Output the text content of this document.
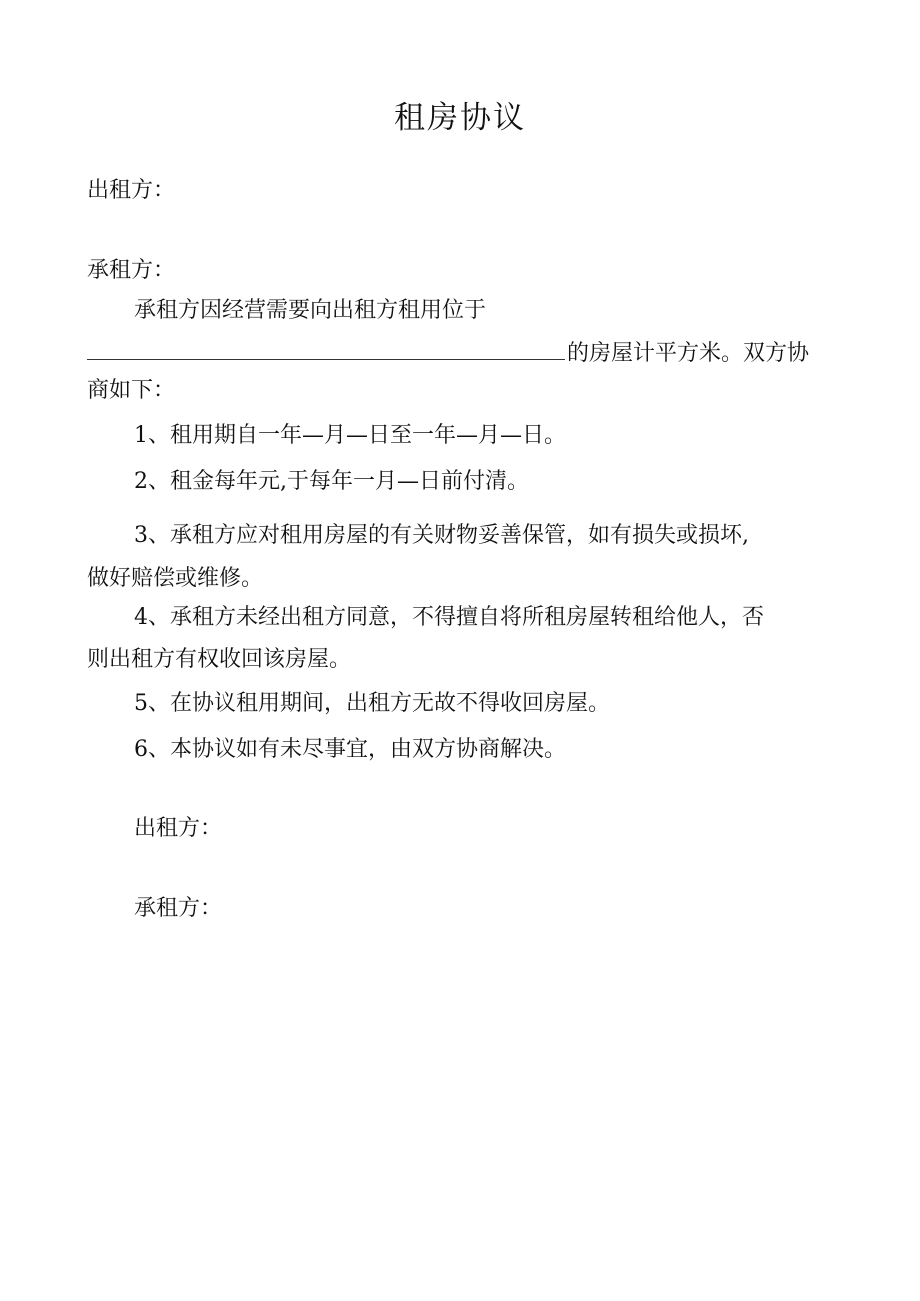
租房协议
出租方：
承租方：
承租方因经营需要向出租方租用位于
的房屋计平方米。双方协
商如下：
1、租用期自一年—月—日至一年—月—日。
2、租金每年元,于每年一月—日前付清。
3、承租方应对租用房屋的有关财物妥善保管，如有损失或损坏,
做好赔偿或维修。
4、承租方未经出租方同意，不得擅自将所租房屋转租给他人，否
则出租方有权收回该房屋。
5、在协议租用期间，出租方无故不得收回房屋。
6、本协议如有未尽事宜，由双方协商解决。
出租方：
承租方：
